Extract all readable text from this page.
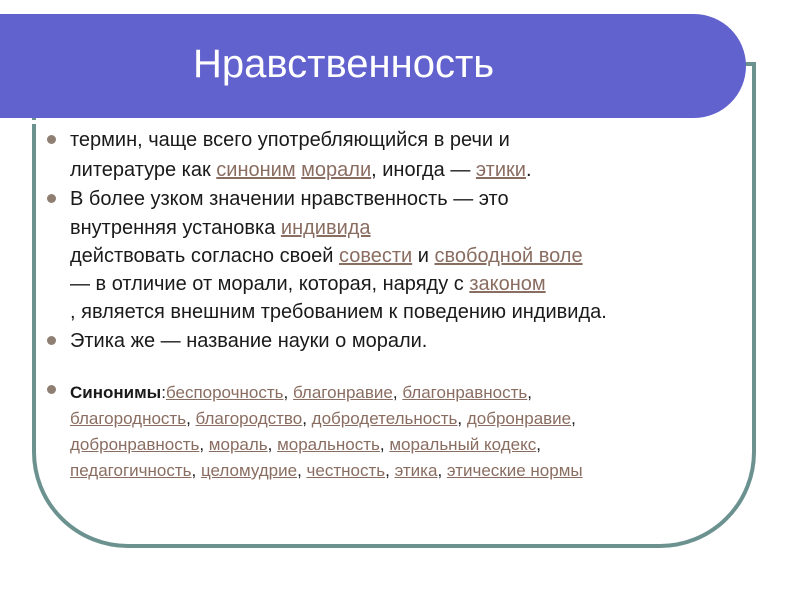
Нравственность
термин, чаще всего употребляющийся в речи и
литературе как синоним морали, иногда — этики.
В более узком значении нравственность — это
внутренняя установка индивида
действовать согласно своей совести и свободной воле
— в отличие от морали, которая, наряду с законом
, является внешним требованием к поведению индивида.
Этика же — название науки о морали.
Синонимы:беспорочность, благонравие, благонравность,
благородность, благородство, добродетельность, добронравие,
добронравность, мораль, моральность, моральный кодекс,
педагогичность, целомудрие, честность, этика, этические нормы
